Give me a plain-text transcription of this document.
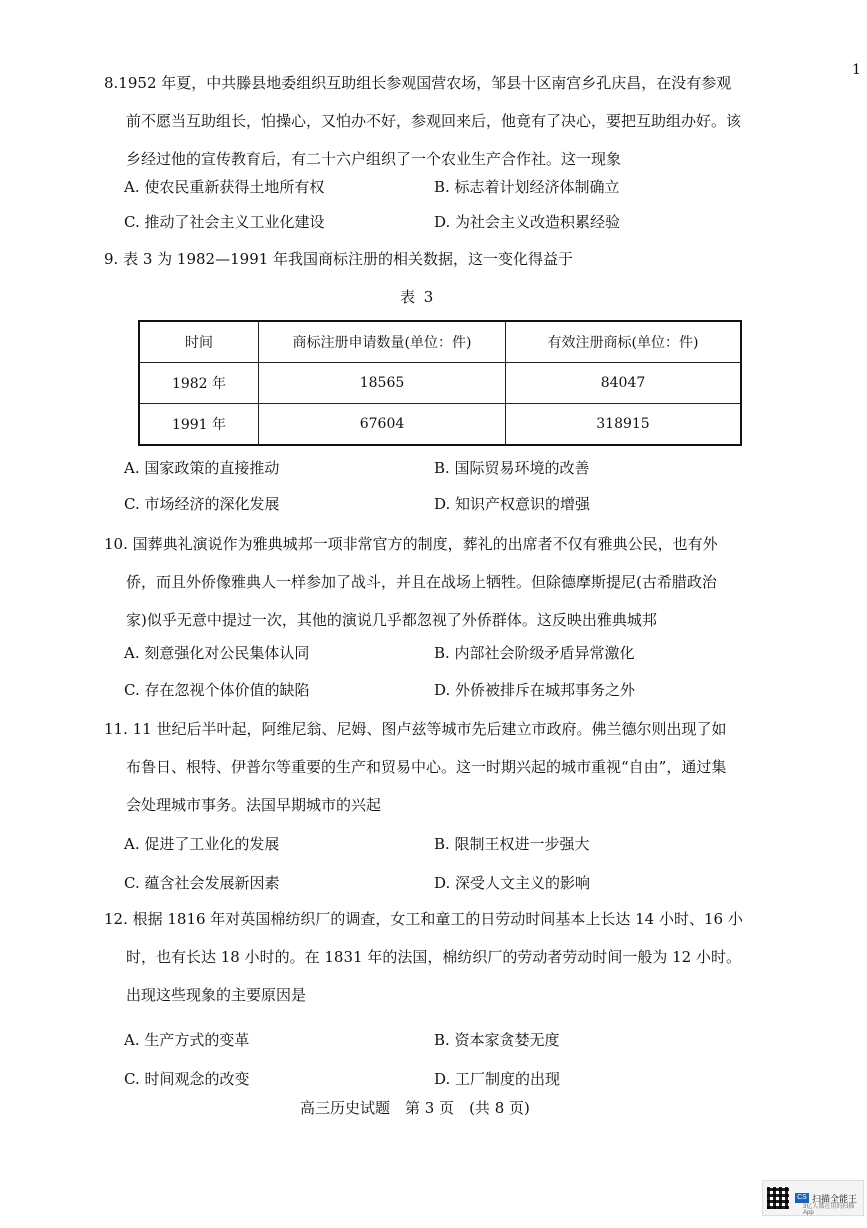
1

8.1952 年夏，中共滕县地委组织互助组长参观国营农场，邹县十区南宫乡孔庆昌，在没有参观

前不愿当互助组长，怕操心，又怕办不好，参观回来后，他竟有了决心，要把互助组办好。该

乡经过他的宣传教育后，有二十六户组织了一个农业生产合作社。这一现象

A. 使农民重新获得土地所有权	B. 标志着计划经济体制确立
C. 推动了社会主义工业化建设	D. 为社会主义改造积累经验

9. 表 3 为 1982—1991 年我国商标注册的相关数据，这一变化得益于

表 3
时间	商标注册申请数量(单位：件)	有效注册商标(单位：件)
1982 年	18565	84047
1991 年	67604	318915
A. 国家政策的直接推动	B. 国际贸易环境的改善
C. 市场经济的深化发展	D. 知识产权意识的增强

10. 国葬典礼演说作为雅典城邦一项非常官方的制度，葬礼的出席者不仅有雅典公民，也有外

侨，而且外侨像雅典人一样参加了战斗，并且在战场上牺牲。但除德摩斯提尼(古希腊政治

家)似乎无意中提过一次，其他的演说几乎都忽视了外侨群体。这反映出雅典城邦

A. 刻意强化对公民集体认同	B. 内部社会阶级矛盾异常激化
C. 存在忽视个体价值的缺陷	D. 外侨被排斥在城邦事务之外

11. 11 世纪后半叶起，阿维尼翁、尼姆、图卢兹等城市先后建立市政府。佛兰德尔则出现了如

布鲁日、根特、伊普尔等重要的生产和贸易中心。这一时期兴起的城市重视“自由”，通过集

会处理城市事务。法国早期城市的兴起

A. 促进了工业化的发展	B. 限制王权进一步强大
C. 蕴含社会发展新因素	D. 深受人文主义的影响

12. 根据 1816 年对英国棉纺织厂的调查，女工和童工的日劳动时间基本上长达 14 小时、16 小

时，也有长达 18 小时的。在 1831 年的法国，棉纺织厂的劳动者劳动时间一般为 12 小时。

出现这些现象的主要原因是

A. 生产方式的变革	B. 资本家贪婪无度
C. 时间观念的改变	D. 工厂制度的出现
高三历史试题　第 3 页　(共 8 页)
CS 扫描全能王
3亿人都在用的扫描App
